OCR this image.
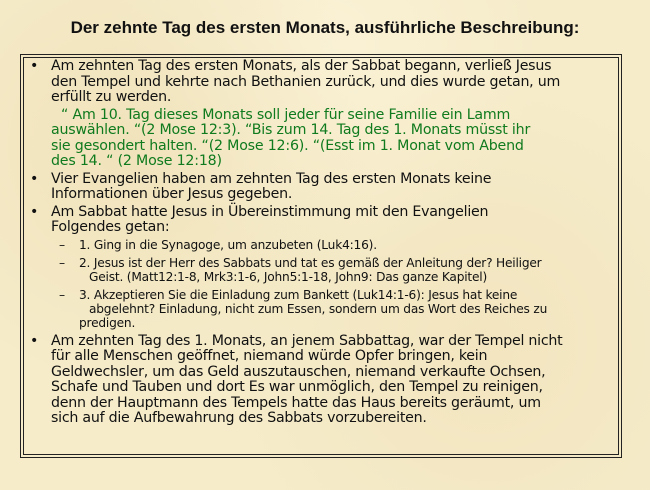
Der zehnte Tag des ersten Monats, ausführliche Beschreibung:
• Am zehnten Tag des ersten Monats, als der Sabbat begann, verließ Jesus
den Tempel und kehrte nach Bethanien zurück, und dies wurde getan, um
erfüllt zu werden.
“ Am 10. Tag dieses Monats soll jeder für seine Familie ein Lamm
auswählen. “(2 Mose 12:3). “Bis zum 14. Tag des 1. Monats müsst ihr
sie gesondert halten. “(2 Mose 12:6). “(Esst im 1. Monat vom Abend
des 14. “ (2 Mose 12:18)
• Vier Evangelien haben am zehnten Tag des ersten Monats keine
Informationen über Jesus gegeben.
• Am Sabbat hatte Jesus in Übereinstimmung mit den Evangelien
Folgendes getan:
– 1. Ging in die Synagoge, um anzubeten (Luk4:16).
– 2. Jesus ist der Herr des Sabbats und tat es gemäß der Anleitung der? Heiliger
Geist. (Matt12:1-8, Mrk3:1-6, John5:1-18, John9: Das ganze Kapitel)
– 3. Akzeptieren Sie die Einladung zum Bankett (Luk14:1-6): Jesus hat keine
abgelehnt? Einladung, nicht zum Essen, sondern um das Wort des Reiches zu
predigen.
• Am zehnten Tag des 1. Monats, an jenem Sabbattag, war der Tempel nicht
für alle Menschen geöffnet, niemand würde Opfer bringen, kein
Geldwechsler, um das Geld auszutauschen, niemand verkaufte Ochsen,
Schafe und Tauben und dort Es war unmöglich, den Tempel zu reinigen,
denn der Hauptmann des Tempels hatte das Haus bereits geräumt, um
sich auf die Aufbewahrung des Sabbats vorzubereiten.
